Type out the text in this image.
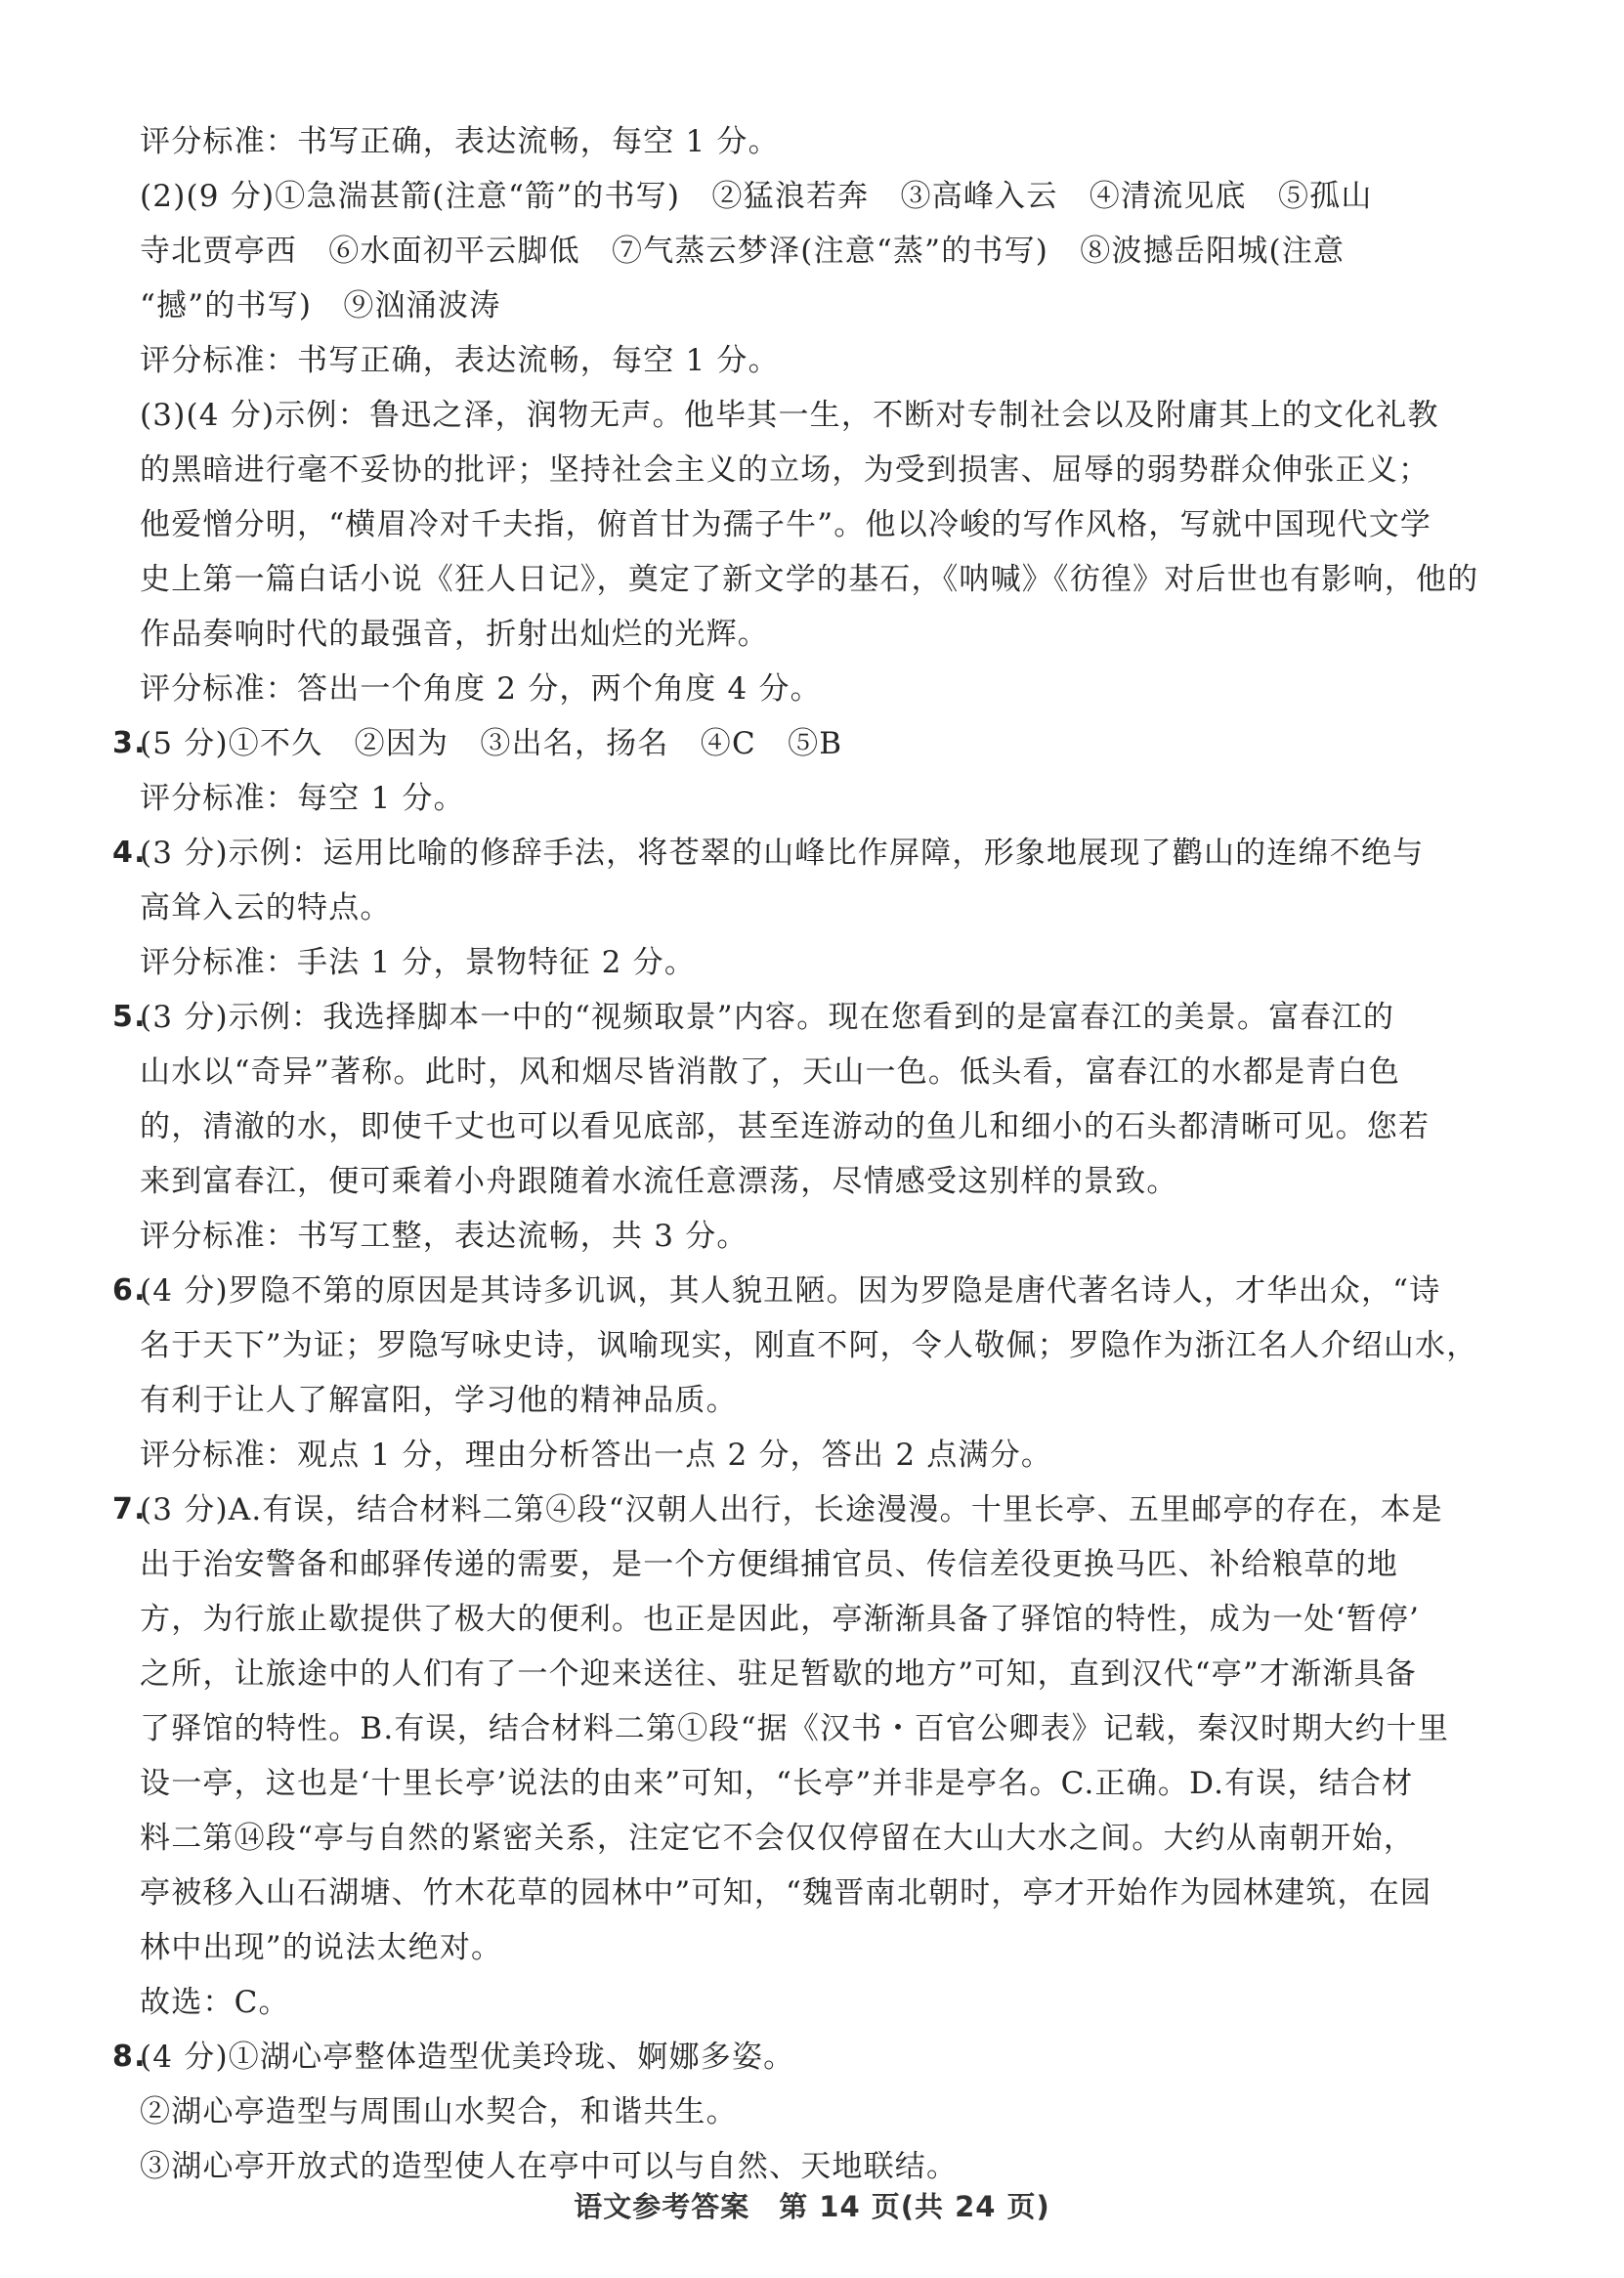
评分标准：书写正确，表达流畅，每空 1 分。
(2)(9 分)①急湍甚箭(注意“箭”的书写)　②猛浪若奔　③高峰入云　④清流见底　⑤孤山
寺北贾亭西　⑥水面初平云脚低　⑦气蒸云梦泽(注意“蒸”的书写)　⑧波撼岳阳城(注意
“撼”的书写)　⑨汹涌波涛
评分标准：书写正确，表达流畅，每空 1 分。
(3)(4 分)示例：鲁迅之泽，润物无声。他毕其一生，不断对专制社会以及附庸其上的文化礼教
的黑暗进行毫不妥协的批评；坚持社会主义的立场，为受到损害、屈辱的弱势群众伸张正义；
他爱憎分明，“横眉冷对千夫指，俯首甘为孺子牛”。他以冷峻的写作风格，写就中国现代文学
史上第一篇白话小说《狂人日记》，奠定了新文学的基石，《呐喊》《彷徨》对后世也有影响，他的
作品奏响时代的最强音，折射出灿烂的光辉。
评分标准：答出一个角度 2 分，两个角度 4 分。
3.
(5 分)①不久　②因为　③出名，扬名　④C　⑤B
评分标准：每空 1 分。
4.
(3 分)示例：运用比喻的修辞手法，将苍翠的山峰比作屏障，形象地展现了鹳山的连绵不绝与
高耸入云的特点。
评分标准：手法 1 分，景物特征 2 分。
5.
(3 分)示例：我选择脚本一中的“视频取景”内容。现在您看到的是富春江的美景。富春江的
山水以“奇异”著称。此时，风和烟尽皆消散了，天山一色。低头看，富春江的水都是青白色
的，清澈的水，即使千丈也可以看见底部，甚至连游动的鱼儿和细小的石头都清晰可见。您若
来到富春江，便可乘着小舟跟随着水流任意漂荡，尽情感受这别样的景致。
评分标准：书写工整，表达流畅，共 3 分。
6.
(4 分)罗隐不第的原因是其诗多讥讽，其人貌丑陋。因为罗隐是唐代著名诗人，才华出众，“诗
名于天下”为证；罗隐写咏史诗，讽喻现实，刚直不阿，令人敬佩；罗隐作为浙江名人介绍山水，
有利于让人了解富阳，学习他的精神品质。
评分标准：观点 1 分，理由分析答出一点 2 分，答出 2 点满分。
7.
(3 分)A.有误，结合材料二第④段“汉朝人出行，长途漫漫。十里长亭、五里邮亭的存在，本是
出于治安警备和邮驿传递的需要，是一个方便缉捕官员、传信差役更换马匹、补给粮草的地
方，为行旅止歇提供了极大的便利。也正是因此，亭渐渐具备了驿馆的特性，成为一处‘暂停’
之所，让旅途中的人们有了一个迎来送往、驻足暂歇的地方”可知，直到汉代“亭”才渐渐具备
了驿馆的特性。B.有误，结合材料二第①段“据《汉书・百官公卿表》记载，秦汉时期大约十里
设一亭，这也是‘十里长亭’说法的由来”可知，“长亭”并非是亭名。C.正确。D.有误，结合材
料二第⑭段“亭与自然的紧密关系，注定它不会仅仅停留在大山大水之间。大约从南朝开始，
亭被移入山石湖塘、竹木花草的园林中”可知，“魏晋南北朝时，亭才开始作为园林建筑，在园
林中出现”的说法太绝对。
故选：C。
8.
(4 分)①湖心亭整体造型优美玲珑、婀娜多姿。
②湖心亭造型与周围山水契合，和谐共生。
③湖心亭开放式的造型使人在亭中可以与自然、天地联结。
语文参考答案　第 14 页(共 24 页)
